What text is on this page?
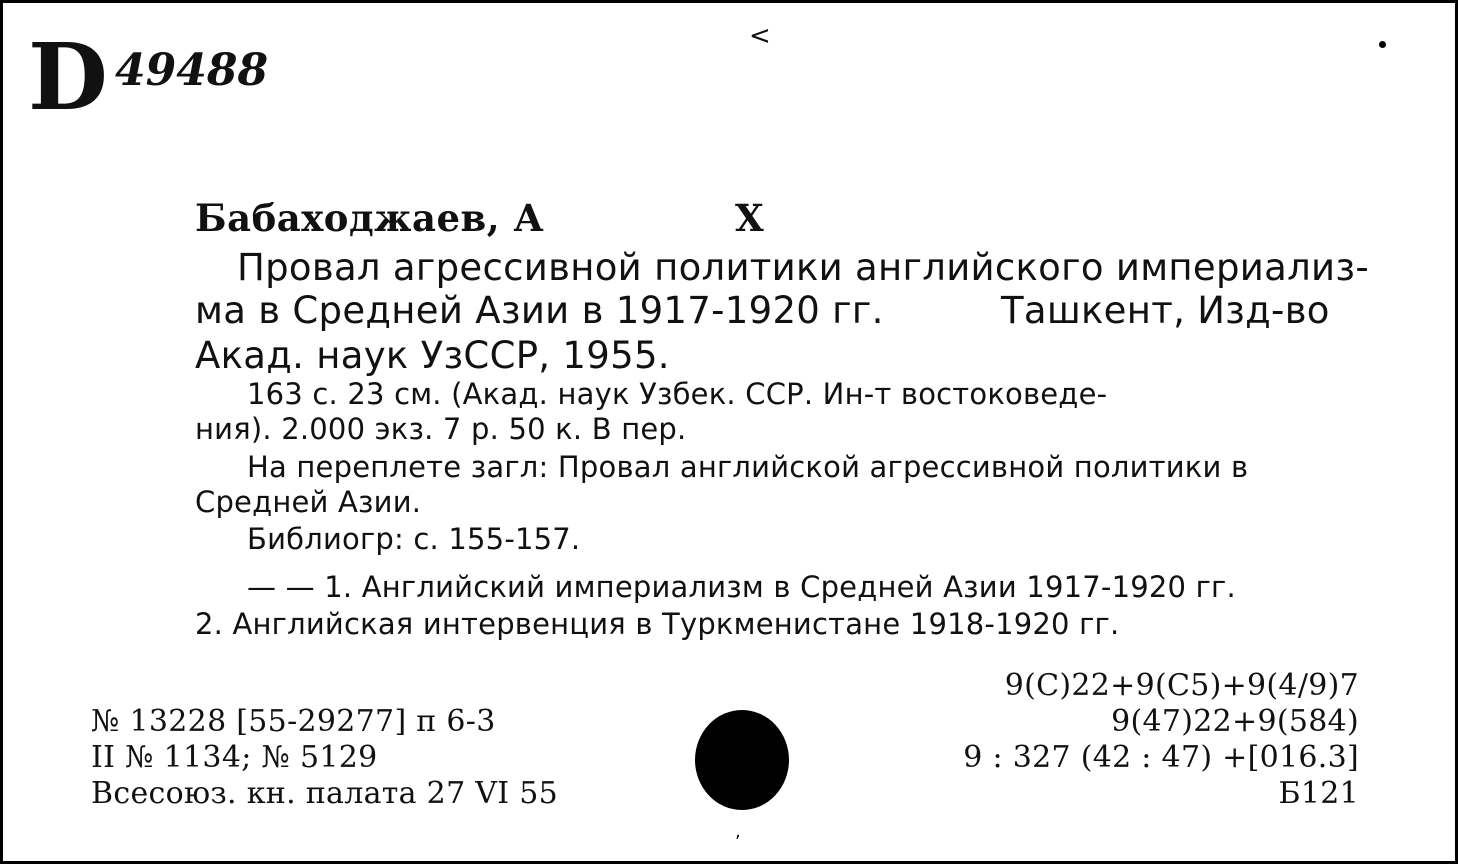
D 49488
<
Бабаходжаев, А	Х
Провал агрессивной политики английского империализ-
ма в Средней Азии в 1917-1920 гг.	Ташкент, Изд-во
Акад. наук УзССР, 1955.
163 с. 23 см. (Акад. наук Узбек. ССР. Ин-т востоковеде-
ния). 2.000 экз. 7 р. 50 к. В пер.
На переплете загл: Провал английской агрессивной политики в
Средней Азии.
Библиогр: с. 155-157.
— — 1. Английский империализм в Средней Азии 1917-1920 гг.
2. Английская интервенция в Туркменистане 1918-1920 гг.
№ 13228 [55-29277] п 6-3
II № 1134; № 5129
Всесоюз. кн. палата 27 VI 55
9(С)22+9(С5)+9(4/9)7
9(47)22+9(584)
9 : 327 (42 : 47) +[016.3]
Б121
,
